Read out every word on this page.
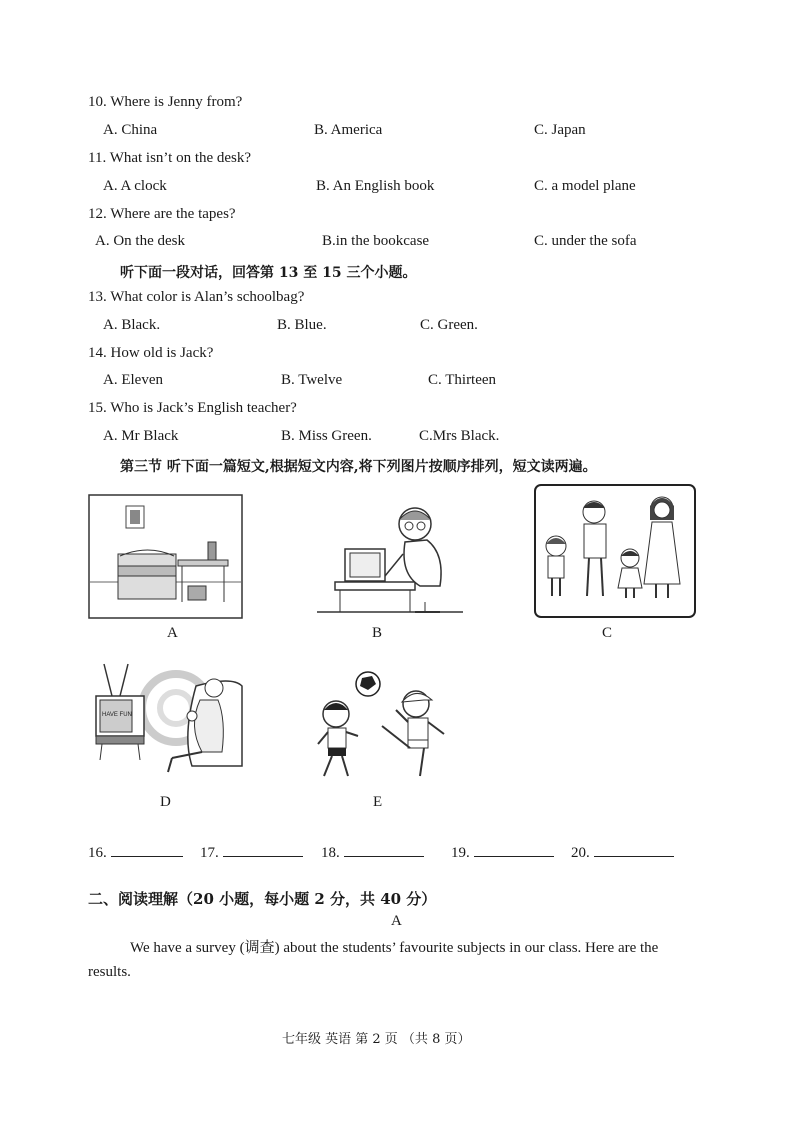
10. Where is Jenny from?
A. China	B. America	C. Japan
11. What isn’t on the desk?
A. A clock	B. An English book	C. a model plane
12. Where are the tapes?
A. On the desk	B.in the bookcase	C. under the sofa
听下面一段对话，回答第 13 至 15 三个小题。
13. What color is Alan’s schoolbag?
A. Black.	B. Blue.	C. Green.
14. How old is Jack?
A. Eleven	B. Twelve	C. Thirteen
15. Who is Jack’s English teacher?
A. Mr Black	B. Miss Green.	C.Mrs Black.
第三节 听下面一篇短文,根据短文内容,将下列图片按顺序排列，短文读两遍。
A	B	C
HAVE FUN
D	E
16.	17.	18.	19.	20.
二、阅读理解（20 小题，每小题 2 分，共 40 分）
A
We have a survey (调查) about the students’ favourite subjects in our class. Here are the
results.
七年级 英语 第 2 页 （共 8 页）
